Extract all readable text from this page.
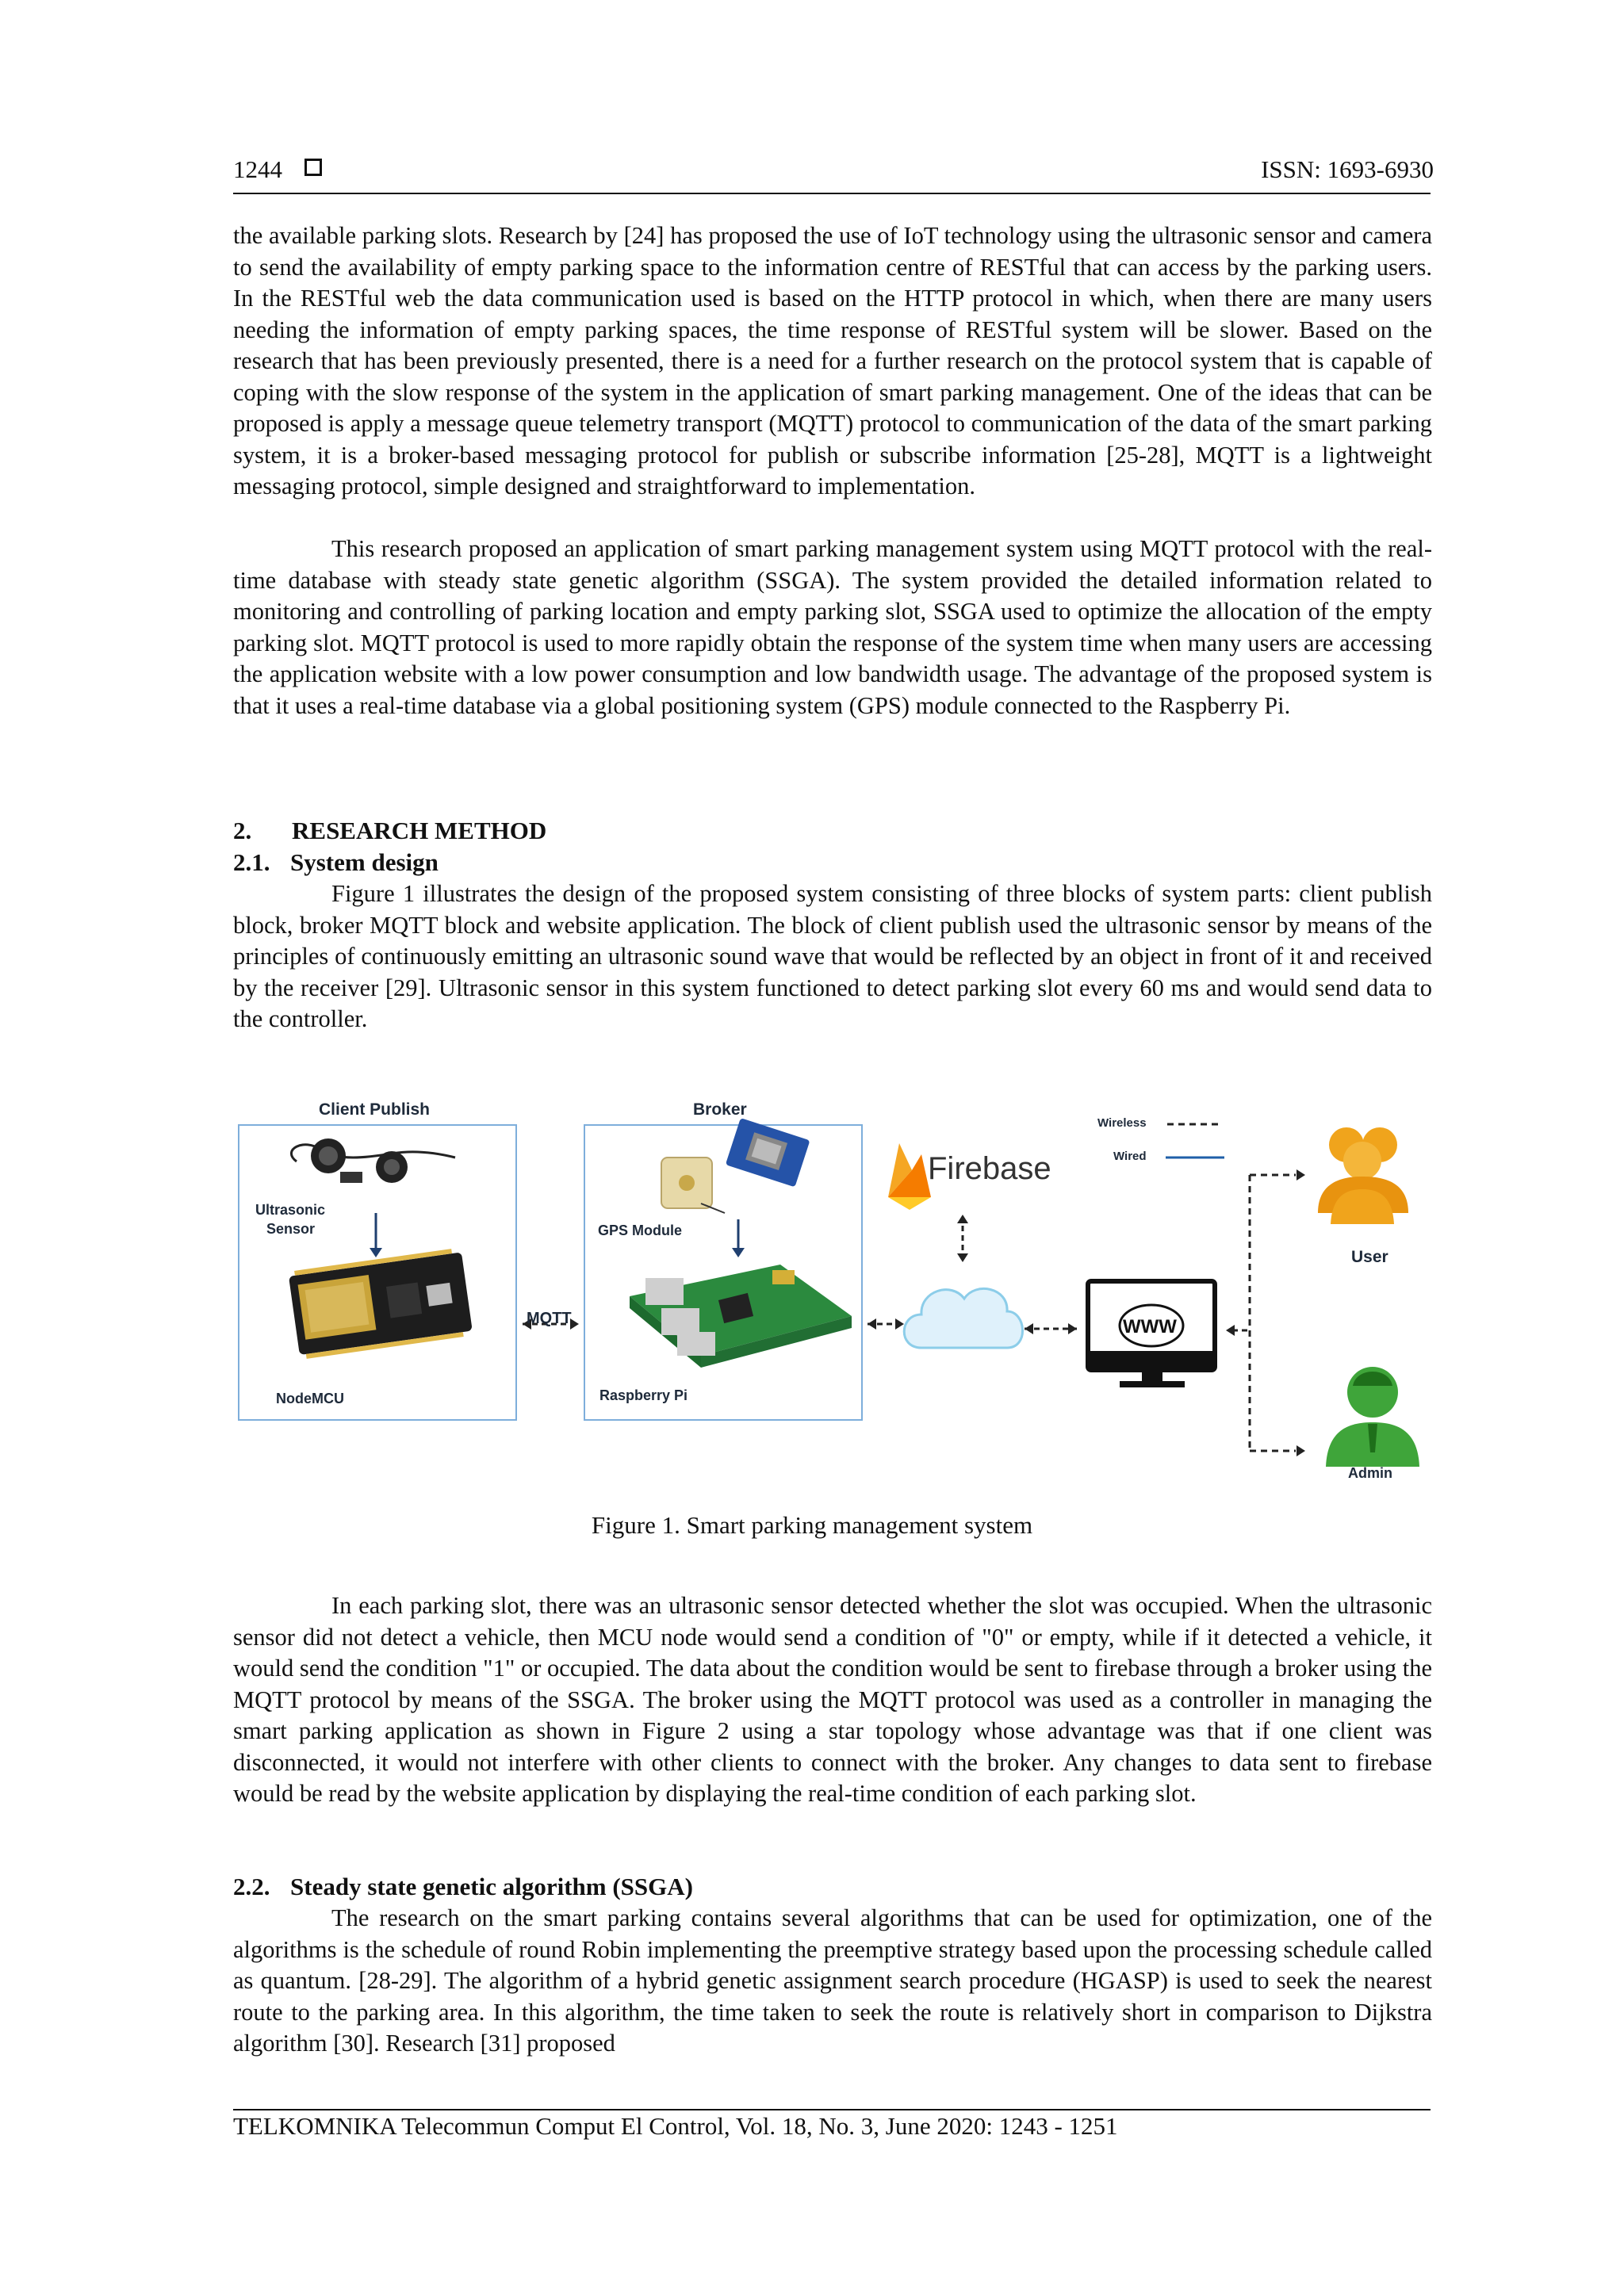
1244	ISSN: 1693-6930

the available parking slots. Research by [24] has proposed the use of IoT technology using the ultrasonic sensor and camera to send the availability of empty parking space to the information centre of RESTful that can access by the parking users. In the RESTful web the data communication used is based on the HTTP protocol in which, when there are many users needing the information of empty parking spaces, the time response of RESTful system will be slower. Based on the research that has been previously presented, there is a need for a further research on the protocol system that is capable of coping with the slow response of the system in the application of smart parking management. One of the ideas that can be proposed is apply a message queue telemetry transport (MQTT) protocol to communication of the data of the smart parking system, it is a broker-based messaging protocol for publish or subscribe information [25-28], MQTT is a lightweight messaging protocol, simple designed and straightforward to implementation.

This research proposed an application of smart parking management system using MQTT protocol with the real-time database with steady state genetic algorithm (SSGA). The system provided the detailed information related to monitoring and controlling of parking location and empty parking slot, SSGA used to optimize the allocation of the empty parking slot. MQTT protocol is used to more rapidly obtain the response of the system time when many users are accessing the application website with a low power consumption and low bandwidth usage. The advantage of the proposed system is that it uses a real-time database via a global positioning system (GPS) module connected to the Raspberry Pi.

2. RESEARCH METHOD
2.1. System design

Figure 1 illustrates the design of the proposed system consisting of three blocks of system parts: client publish block, broker MQTT block and website application. The block of client publish used the ultrasonic sensor by means of the principles of continuously emitting an ultrasonic sound wave that would be reflected by an object in front of it and received by the receiver [29]. Ultrasonic sensor in this system functioned to detect parking slot every 60 ms and would send data to the controller.

Client Publish	Broker
Ultrasonic
Sensor
NodeMCU
GPS Module
Raspberry Pi
MQTT
Firebase
WWW
Wireless
Wired
User
Admin
Figure 1. Smart parking management system

In each parking slot, there was an ultrasonic sensor detected whether the slot was occupied. When the ultrasonic sensor did not detect a vehicle, then MCU node would send a condition of "0" or empty, while if it detected a vehicle, it would send the condition "1" or occupied. The data about the condition would be sent to firebase through a broker using the MQTT protocol by means of the SSGA. The broker using the MQTT protocol was used as a controller in managing the smart parking application as shown in Figure 2 using a star topology whose advantage was that if one client was disconnected, it would not interfere with other clients to connect with the broker. Any changes to data sent to firebase would be read by the website application by displaying the real-time condition of each parking slot.

2.2. Steady state genetic algorithm (SSGA)

The research on the smart parking contains several algorithms that can be used for optimization, one of the algorithms is the schedule of round Robin implementing the preemptive strategy based upon the processing schedule called as quantum. [28-29]. The algorithm of a hybrid genetic assignment search procedure (HGASP) is used to seek the nearest route to the parking area. In this algorithm, the time taken to seek the route is relatively short in comparison to Dijkstra algorithm [30]. Research [31] proposed

TELKOMNIKA Telecommun Comput El Control, Vol. 18, No. 3, June 2020: 1243 - 1251
